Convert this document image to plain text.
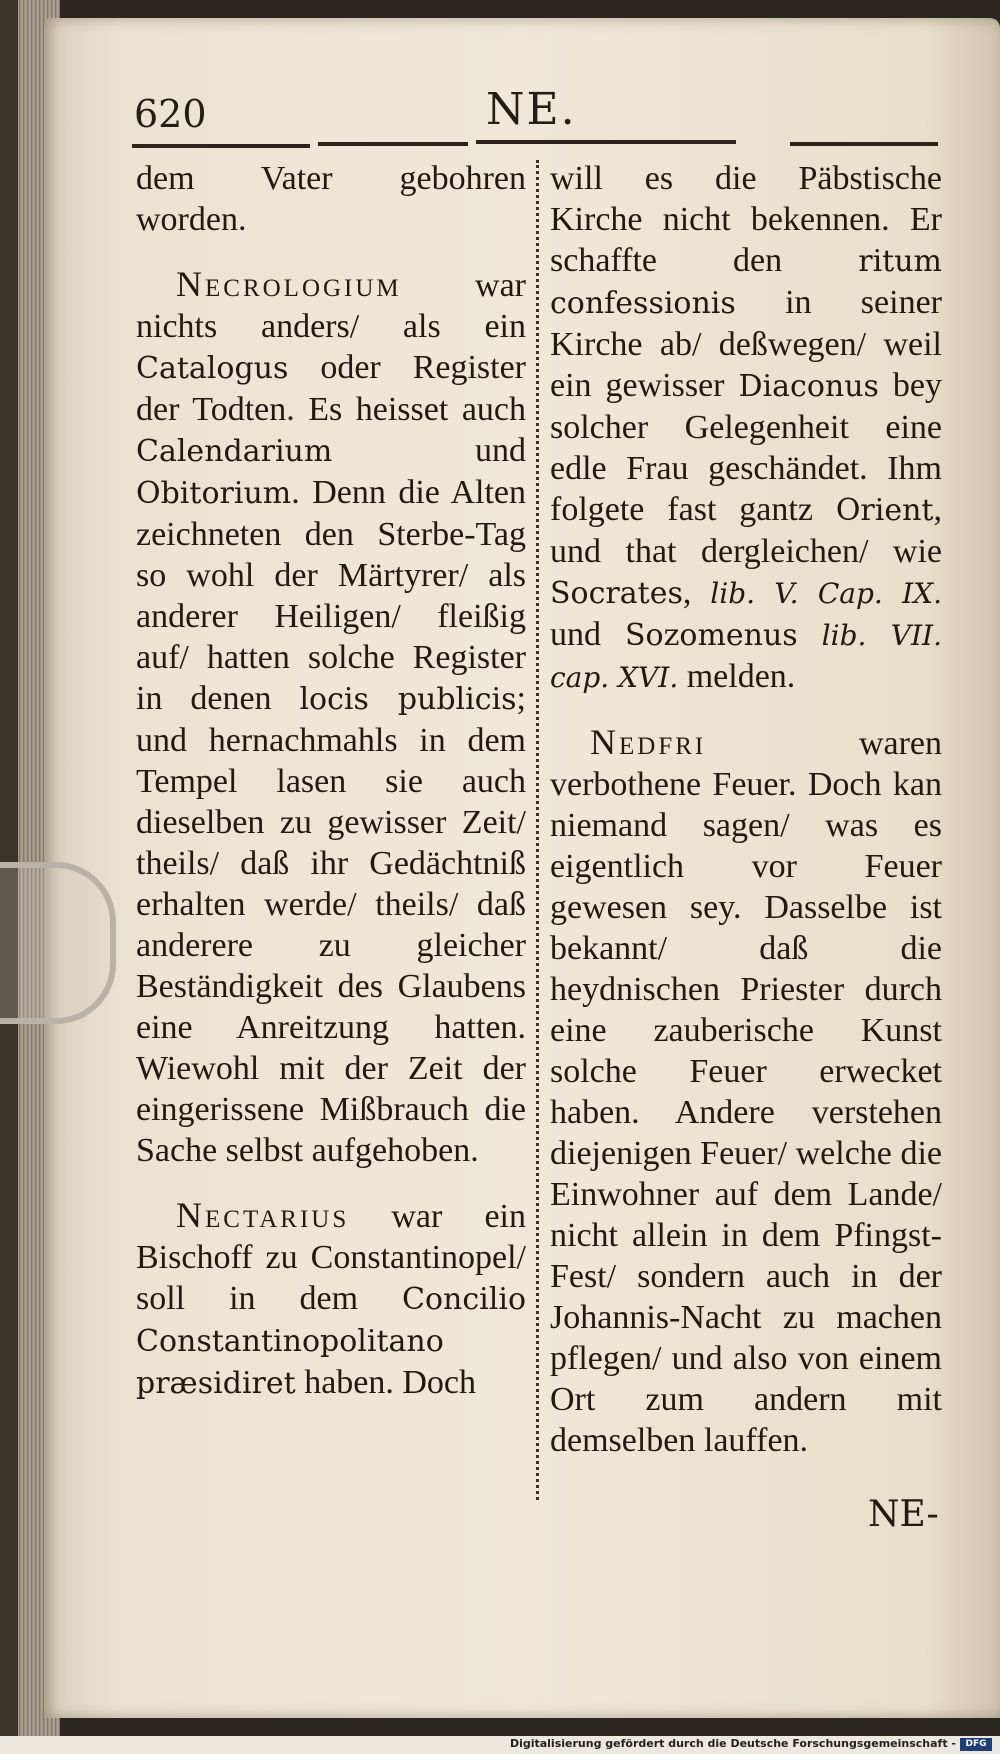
620	NE.

dem Vater gebohren worden.

Necrologium war nichts anders/ als ein Catalogus oder Register der Todten. Es heisset auch Calendarium und Obitorium. Denn die Alten zeichneten den Sterbe-Tag so wohl der Märtyrer/ als anderer Heiligen/ fleißig auf/ hatten solche Register in denen locis publicis; und hernachmahls in dem Tempel lasen sie auch dieselben zu gewisser Zeit/ theils/ daß ihr Gedächtniß erhalten werde/ theils/ daß anderere zu gleicher Beständigkeit des Glaubens eine Anreitzung hatten. Wiewohl mit der Zeit der eingerissene Mißbrauch die Sache selbst aufgehoben.

Nectarius war ein Bischoff zu Constantinopel/ soll in dem Concilio Constantinopolitano præsidiret haben. Doch

will es die Päbstische Kirche nicht bekennen. Er schaffte den ritum confessionis in seiner Kirche ab/ deßwegen/ weil ein gewisser Diaconus bey solcher Gelegenheit eine edle Frau geschändet. Ihm folgete fast gantz Orient, und that dergleichen/ wie Socrates, lib. V. Cap. IX. und Sozomenus lib. VII. cap. XVI. melden.

Nedfri	waren verbothene Feuer. Doch kan niemand sagen/ was es eigentlich vor Feuer gewesen sey. Dasselbe ist bekannt/ daß die heydnischen Priester durch eine zauberische Kunst solche Feuer erwecket haben. Andere verstehen diejenigen Feuer/ welche die Einwohner auf dem Lande/ nicht allein in dem Pfingst-Fest/ sondern auch in der Johannis-Nacht zu machen pflegen/ und also von einem Ort zum andern mit demselben lauffen.

NE-
Digitalisierung gefördert durch die Deutsche Forschungsgemeinschaft -	DFG
